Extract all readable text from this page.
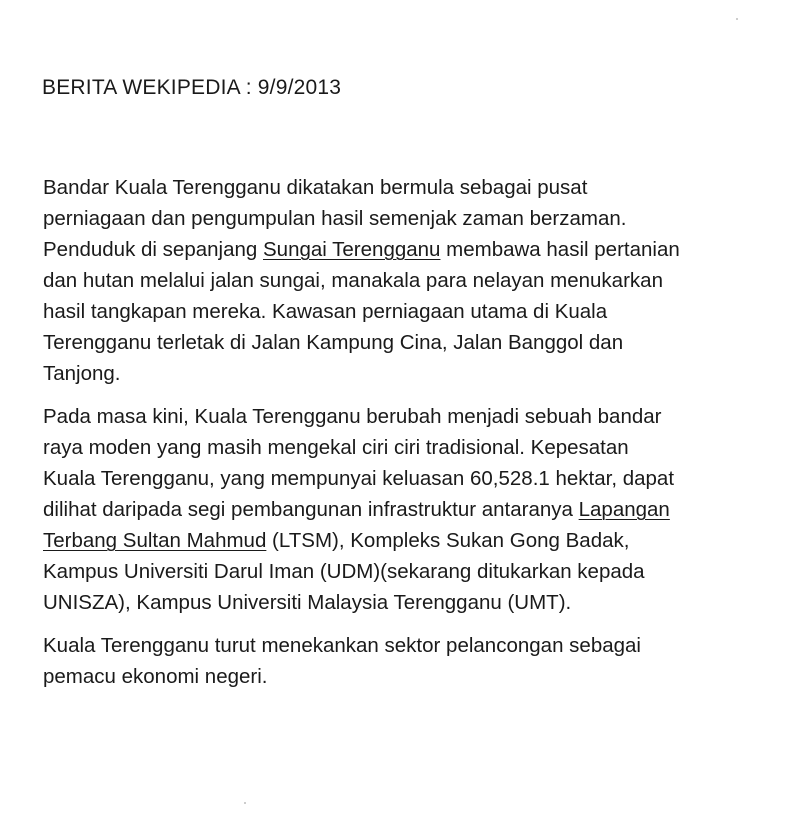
BERITA WEKIPEDIA : 9/9/2013
Bandar Kuala Terengganu dikatakan bermula sebagai pusat
perniagaan dan pengumpulan hasil semenjak zaman berzaman.
Penduduk di sepanjang Sungai Terengganu membawa hasil pertanian
dan hutan melalui jalan sungai, manakala para nelayan menukarkan
hasil tangkapan mereka. Kawasan perniagaan utama di Kuala
Terengganu terletak di Jalan Kampung Cina, Jalan Banggol dan
Tanjong.
Pada masa kini, Kuala Terengganu berubah menjadi sebuah bandar
raya moden yang masih mengekal ciri ciri tradisional. Kepesatan
Kuala Terengganu, yang mempunyai keluasan 60,528.1 hektar, dapat
dilihat daripada segi pembangunan infrastruktur antaranya Lapangan
Terbang Sultan Mahmud (LTSM), Kompleks Sukan Gong Badak,
Kampus Universiti Darul Iman (UDM)(sekarang ditukarkan kepada
UNISZA), Kampus Universiti Malaysia Terengganu (UMT).
Kuala Terengganu turut menekankan sektor pelancongan sebagai
pemacu ekonomi negeri.
